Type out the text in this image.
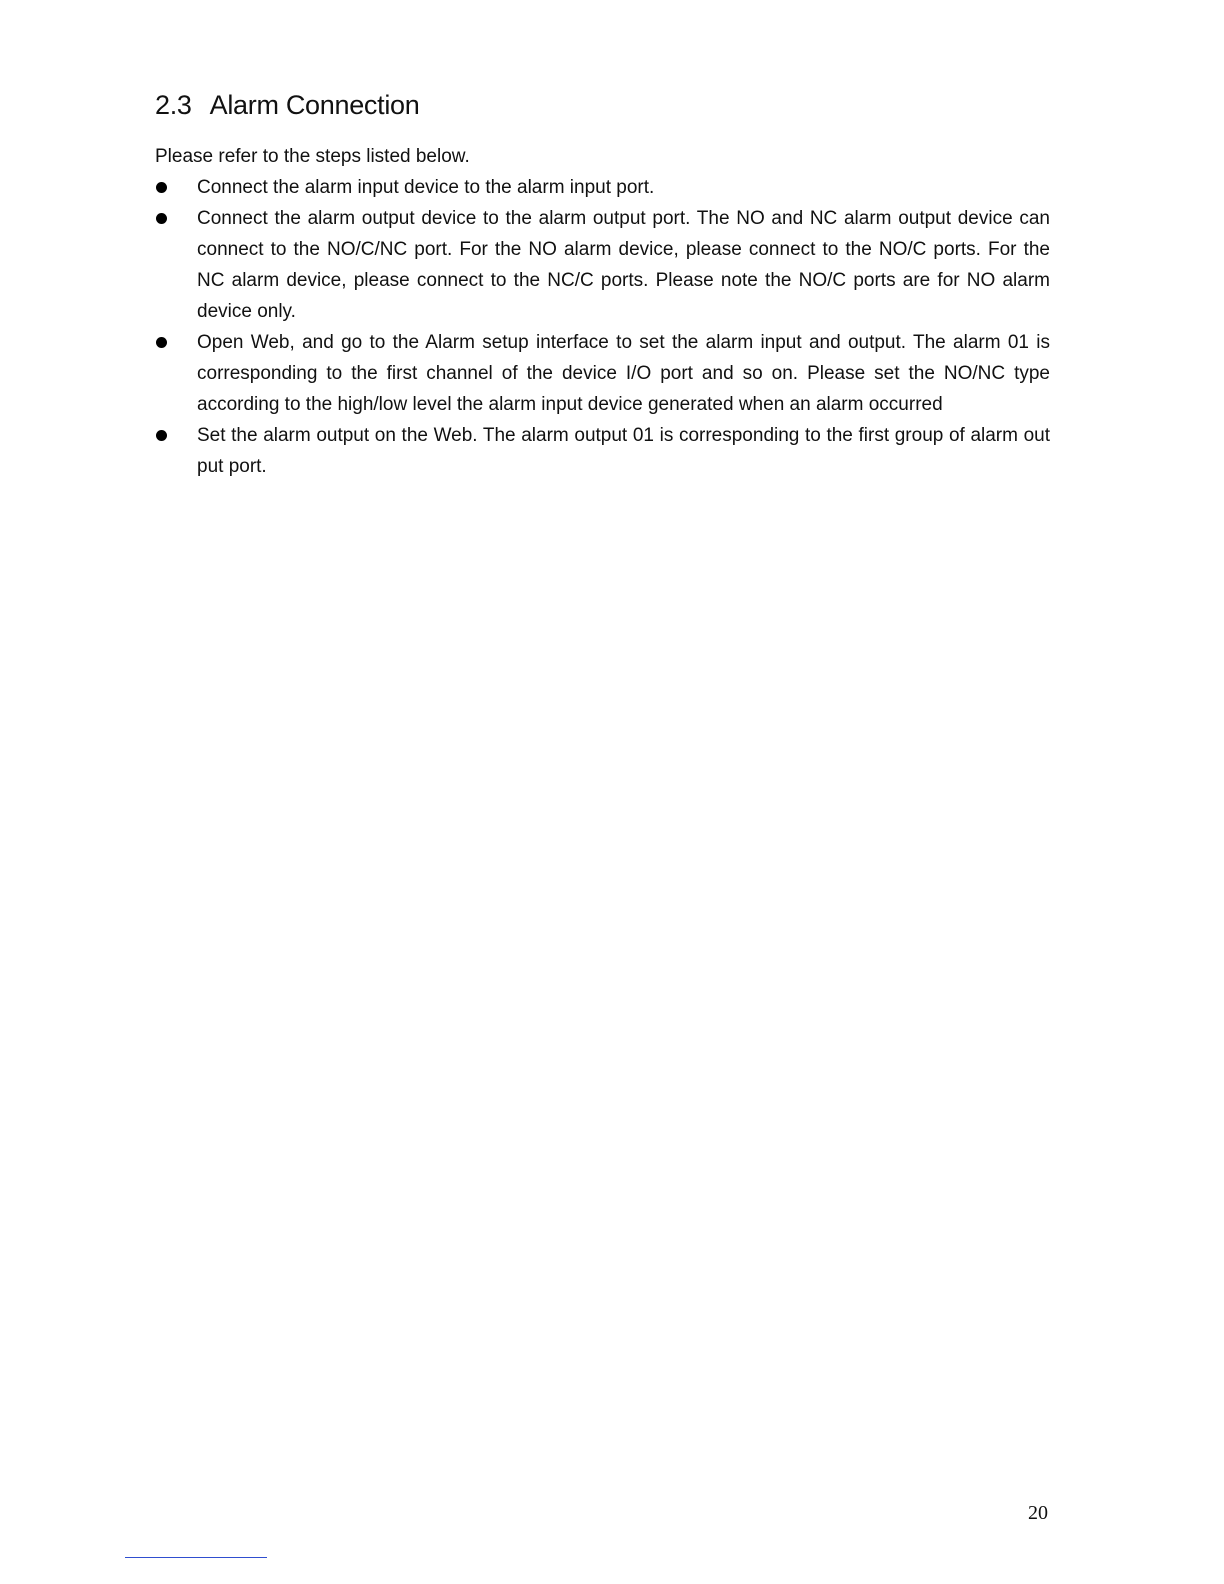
2.3 Alarm Connection

Please refer to the steps listed below.

Connect the alarm input device to the alarm input port.
Connect the alarm output device to the alarm output port. The NO and NC alarm output device can connect to the NO/C/NC port. For the NO alarm device, please connect to the NO/C ports. For the NC alarm device, please connect to the NC/C ports. Please note the NO/C ports are for NO alarm device only.
Open Web, and go to the Alarm setup interface to set the alarm input and output. The alarm 01 is corresponding to the first channel of the device I/O port and so on. Please set the NO/NC type according to the high/low level the alarm input device generated when an alarm occurred
Set the alarm output on the Web. The alarm output 01 is corresponding to the first group of alarm out put port.
20
